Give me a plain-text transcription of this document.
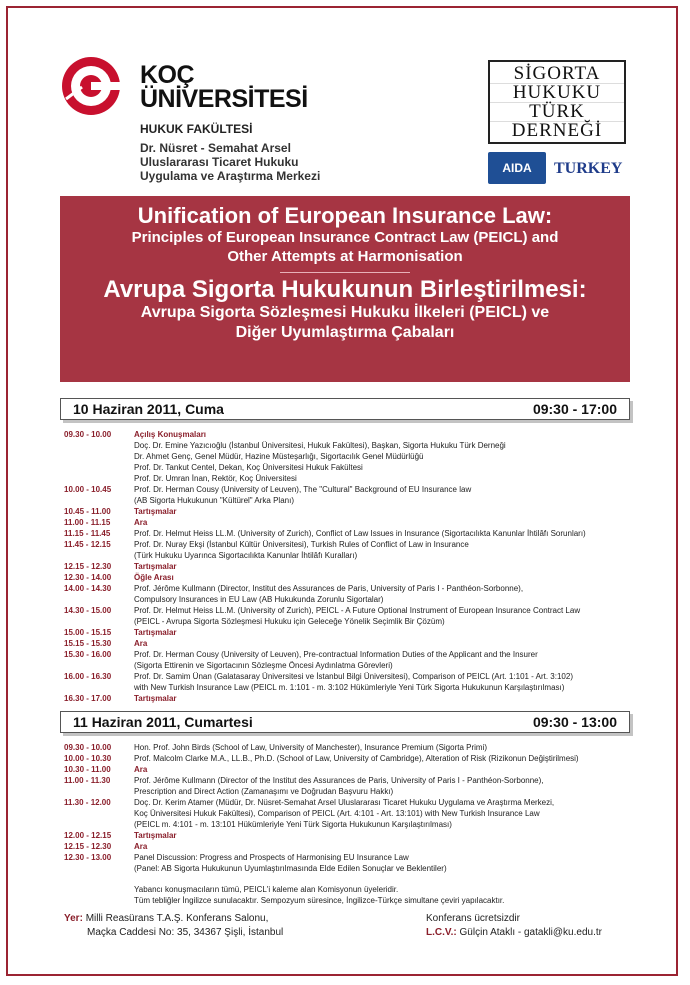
KOÇ
ÜNİVERSİTESİ
HUKUK FAKÜLTESİ
Dr. Nüsret - Semahat Arsel
Uluslararası Ticaret Hukuku
Uygulama ve Araştırma Merkezi
SİGORTA
HUKUKU
TÜRK
DERNEĞİ
AIDA	TURKEY
Unification of European Insurance Law:
Principles of European Insurance Contract Law (PEICL) and
Other Attempts at Harmonisation
Avrupa Sigorta Hukukunun Birleştirilmesi:
Avrupa Sigorta Sözleşmesi Hukuku İlkeleri (PEICL) ve
Diğer Uyumlaştırma Çabaları
10 Haziran 2011, Cuma	09:30 - 17:00
09.30 - 10.00	Açılış Konuşmaları
Doç. Dr. Emine Yazıcıoğlu (İstanbul Üniversitesi, Hukuk Fakültesi), Başkan, Sigorta Hukuku Türk Derneği
Dr. Ahmet Genç, Genel Müdür, Hazine Müsteşarlığı, Sigortacılık Genel Müdürlüğü
Prof. Dr. Tankut Centel, Dekan, Koç Üniversitesi Hukuk Fakültesi
Prof. Dr. Umran İnan, Rektör, Koç Üniversitesi
10.00 - 10.45	Prof. Dr. Herman Cousy (University of Leuven), The "Cultural" Background of EU Insurance law
(AB Sigorta Hukukunun "Kültürel" Arka Planı)
10.45 - 11.00	Tartışmalar
11.00 - 11.15	Ara
11.15 - 11.45	Prof. Dr. Helmut Heiss LL.M. (University of Zurich), Conflict of Law Issues in Insurance (Sigortacılıkta Kanunlar İhtilâfı Sorunları)
11.45 - 12.15	Prof. Dr. Nuray Ekşi (İstanbul Kültür Üniversitesi), Turkish Rules of Conflict of Law in Insurance
(Türk Hukuku Uyarınca Sigortacılıkta Kanunlar İhtilâfı Kuralları)
12.15 - 12.30	Tartışmalar
12.30 - 14.00	Öğle Arası
14.00 - 14.30	Prof. Jérôme Kullmann (Director, Institut des Assurances de Paris, University of Paris I - Panthéon-Sorbonne),
Compulsory Insurances in EU Law (AB Hukukunda Zorunlu Sigortalar)
14.30 - 15.00	Prof. Dr. Helmut Heiss LL.M. (University of Zurich), PEICL - A Future Optional Instrument of European Insurance Contract Law
(PEICL - Avrupa Sigorta Sözleşmesi Hukuku için Geleceğe Yönelik Seçimlik Bir Çözüm)
15.00 - 15.15	Tartışmalar
15.15 - 15.30	Ara
15.30 - 16.00	Prof. Dr. Herman Cousy (University of Leuven), Pre-contractual Information Duties of the Applicant and the Insurer
(Sigorta Ettirenin ve Sigortacının Sözleşme Öncesi Aydınlatma Görevleri)
16.00 - 16.30	Prof. Dr. Samim Ünan (Galatasaray Üniversitesi ve İstanbul Bilgi Üniversitesi), Comparison of PEICL (Art. 1:101 - Art. 3:102)
with New Turkish Insurance Law (PEICL m. 1:101 - m. 3:102 Hükümleriyle Yeni Türk Sigorta Hukukunun Karşılaştırılması)
16.30 - 17.00	Tartışmalar
11 Haziran 2011, Cumartesi	09:30 - 13:00
09.30 - 10.00	Hon. Prof. John Birds (School of Law, University of Manchester), Insurance Premium (Sigorta Primi)
10.00 - 10.30	Prof. Malcolm Clarke M.A., LL.B., Ph.D. (School of Law, University of Cambridge), Alteration of Risk (Rizikonun Değiştirilmesi)
10.30 - 11.00	Ara
11.00 - 11.30	Prof. Jérôme Kullmann (Director of the Institut des Assurances de Paris, University of Paris I - Panthéon-Sorbonne),
Prescription and Direct Action (Zamanaşımı ve Doğrudan Başvuru Hakkı)
11.30 - 12.00	Doç. Dr. Kerim Atamer (Müdür, Dr. Nüsret-Semahat Arsel Uluslararası Ticaret Hukuku Uygulama ve Araştırma Merkezi,
Koç Üniversitesi Hukuk Fakültesi), Comparison of PEICL (Art. 4:101 - Art. 13:101) with New Turkish Insurance Law
(PEICL m. 4:101 - m. 13:101 Hükümleriyle Yeni Türk Sigorta Hukukunun Karşılaştırılması)
12.00 - 12.15	Tartışmalar
12.15 - 12.30	Ara
12.30 - 13.00	Panel Discussion: Progress and Prospects of Harmonising EU Insurance Law
(Panel: AB Sigorta Hukukunun Uyumlaştırılmasında Elde Edilen Sonuçlar ve Beklentiler)
Yabancı konuşmacıların tümü, PEICL'i kaleme alan Komisyonun üyeleridir.
Tüm tebliğler İngilizce sunulacaktır. Sempozyum süresince, İngilizce-Türkçe simultane çeviri yapılacaktır.
Yer: Milli Reasürans T.A.Ş. Konferans Salonu,
Maçka Caddesi No: 35, 34367 Şişli, İstanbul
Konferans ücretsizdir
L.C.V.: Gülçin Ataklı - gatakli@ku.edu.tr
